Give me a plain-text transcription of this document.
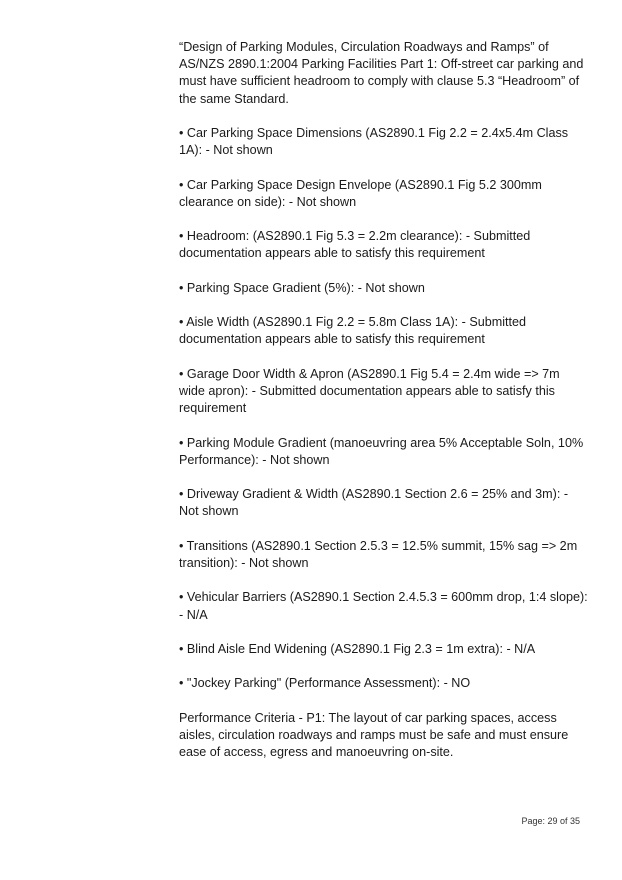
“Design of Parking Modules, Circulation Roadways and Ramps” of AS/NZS 2890.1:2004 Parking Facilities Part 1: Off-street car parking and must have sufficient headroom to comply with clause 5.3 “Headroom” of the same Standard.

• Car Parking Space Dimensions (AS2890.1 Fig 2.2 = 2.4x5.4m Class 1A): - Not shown

• Car Parking Space Design Envelope (AS2890.1 Fig 5.2 300mm clearance on side): - Not shown

• Headroom: (AS2890.1 Fig 5.3 = 2.2m clearance): - Submitted documentation appears able to satisfy this requirement

• Parking Space Gradient (5%): - Not shown

• Aisle Width (AS2890.1 Fig 2.2 = 5.8m Class 1A): - Submitted documentation appears able to satisfy this requirement

• Garage Door Width & Apron (AS2890.1 Fig 5.4 = 2.4m wide => 7m wide apron): - Submitted documentation appears able to satisfy this requirement

• Parking Module Gradient (manoeuvring area 5% Acceptable Soln, 10% Performance): - Not shown

• Driveway Gradient & Width (AS2890.1 Section 2.6 = 25% and 3m): - Not shown

• Transitions (AS2890.1 Section 2.5.3 = 12.5% summit, 15% sag => 2m transition): - Not shown

• Vehicular Barriers (AS2890.1 Section 2.4.5.3 = 600mm drop, 1:4 slope): - N/A

• Blind Aisle End Widening (AS2890.1 Fig 2.3 = 1m extra): - N/A

• "Jockey Parking" (Performance Assessment): - NO

Performance Criteria - P1: The layout of car parking spaces, access aisles, circulation roadways and ramps must be safe and must ensure ease of access, egress and manoeuvring on-site.

Page: 29 of 35
